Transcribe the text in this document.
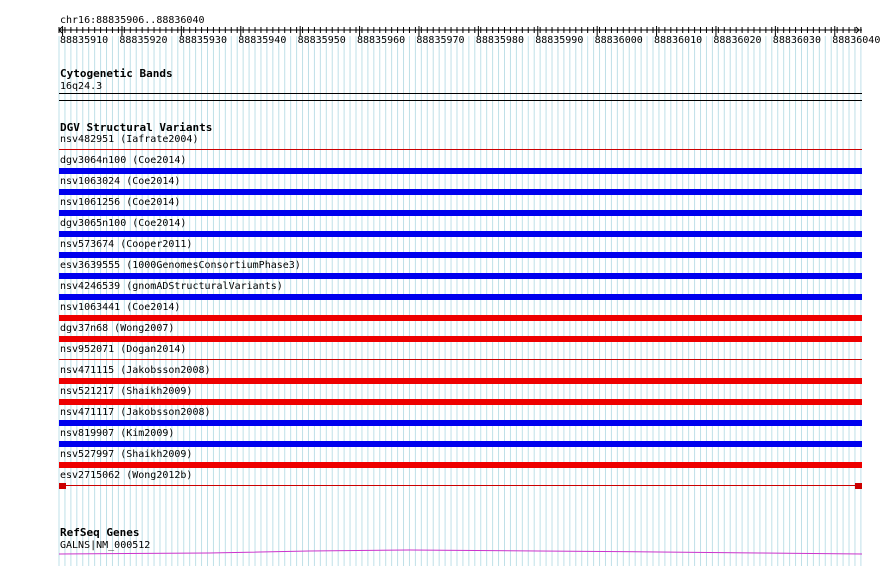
chr16:88835906..88836040
88835910 88835920 88835930 88835940 88835950 88835960 88835970 88835980 88835990 88836000 88836010 88836020 88836030 88836040
Cytogenetic Bands
16q24.3
DGV Structural Variants
nsv482951 (Iafrate2004)
dgv3064n100 (Coe2014)
nsv1063024 (Coe2014)
nsv1061256 (Coe2014)
dgv3065n100 (Coe2014)
nsv573674 (Cooper2011)
esv3639555 (1000GenomesConsortiumPhase3)
nsv4246539 (gnomADStructuralVariants)
nsv1063441 (Coe2014)
dgv37n68 (Wong2007)
nsv952071 (Dogan2014)
nsv471115 (Jakobsson2008)
nsv521217 (Shaikh2009)
nsv471117 (Jakobsson2008)
nsv819907 (Kim2009)
nsv527997 (Shaikh2009)
esv2715062 (Wong2012b)
RefSeq Genes
GALNS|NM_000512
